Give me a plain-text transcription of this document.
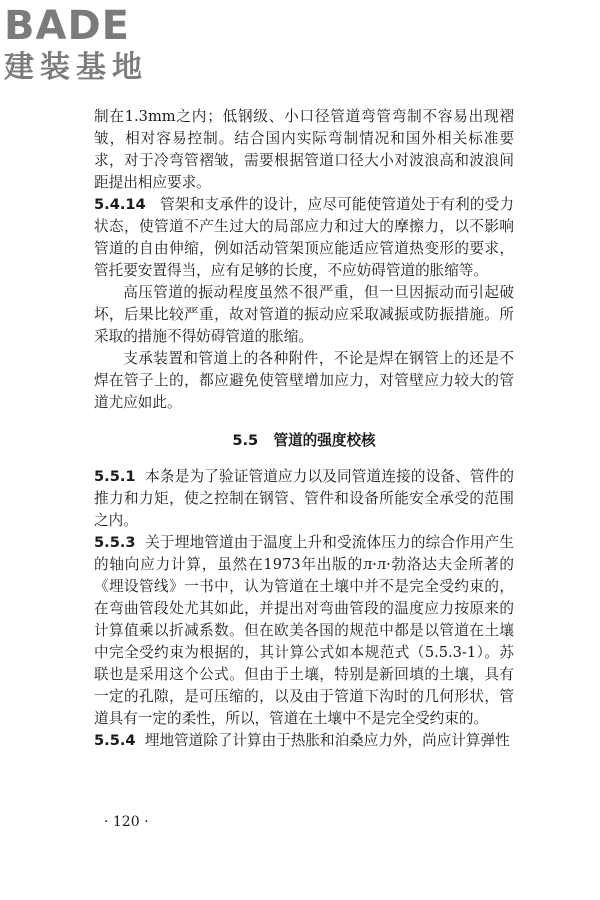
BADE
建装基地

制在1.3mm之内；低钢级、小口径管道弯管弯制不容易出现褶皱，相对容易控制。结合国内实际弯制情况和国外相关标准要求，对于冷弯管褶皱，需要根据管道口径大小对波浪高和波浪间距提出相应要求。

5.4.14 管架和支承件的设计，应尽可能使管道处于有利的受力状态，使管道不产生过大的局部应力和过大的摩擦力，以不影响管道的自由伸缩，例如活动管架顶应能适应管道热变形的要求，管托要安置得当，应有足够的长度，不应妨碍管道的胀缩等。

高压管道的振动程度虽然不很严重，但一旦因振动而引起破坏，后果比较严重，故对管道的振动应采取减振或防振措施。所采取的措施不得妨碍管道的胀缩。

支承装置和管道上的各种附件，不论是焊在钢管上的还是不焊在管子上的，都应避免使管壁增加应力，对管壁应力较大的管道尤应如此。

5.5 管道的强度校核

5.5.1 本条是为了验证管道应力以及同管道连接的设备、管件的推力和力矩，使之控制在钢管、管件和设备所能安全承受的范围之内。

5.5.3 关于埋地管道由于温度上升和受流体压力的综合作用产生的轴向应力计算，虽然在1973年出版的л·л·勃洛达夫金所著的《埋设管线》一书中，认为管道在土壤中并不是完全受约束的，在弯曲管段处尤其如此，并提出对弯曲管段的温度应力按原来的计算值乘以折减系数。但在欧美各国的规范中都是以管道在土壤中完全受约束为根据的，其计算公式如本规范式（5.5.3-1）。苏联也是采用这个公式。但由于土壤，特别是新回填的土壤，具有一定的孔隙，是可压缩的，以及由于管道下沟时的几何形状，管道具有一定的柔性，所以，管道在土壤中不是完全受约束的。

5.5.4 埋地管道除了计算由于热胀和泊桑应力外，尚应计算弹性

· 120 ·
